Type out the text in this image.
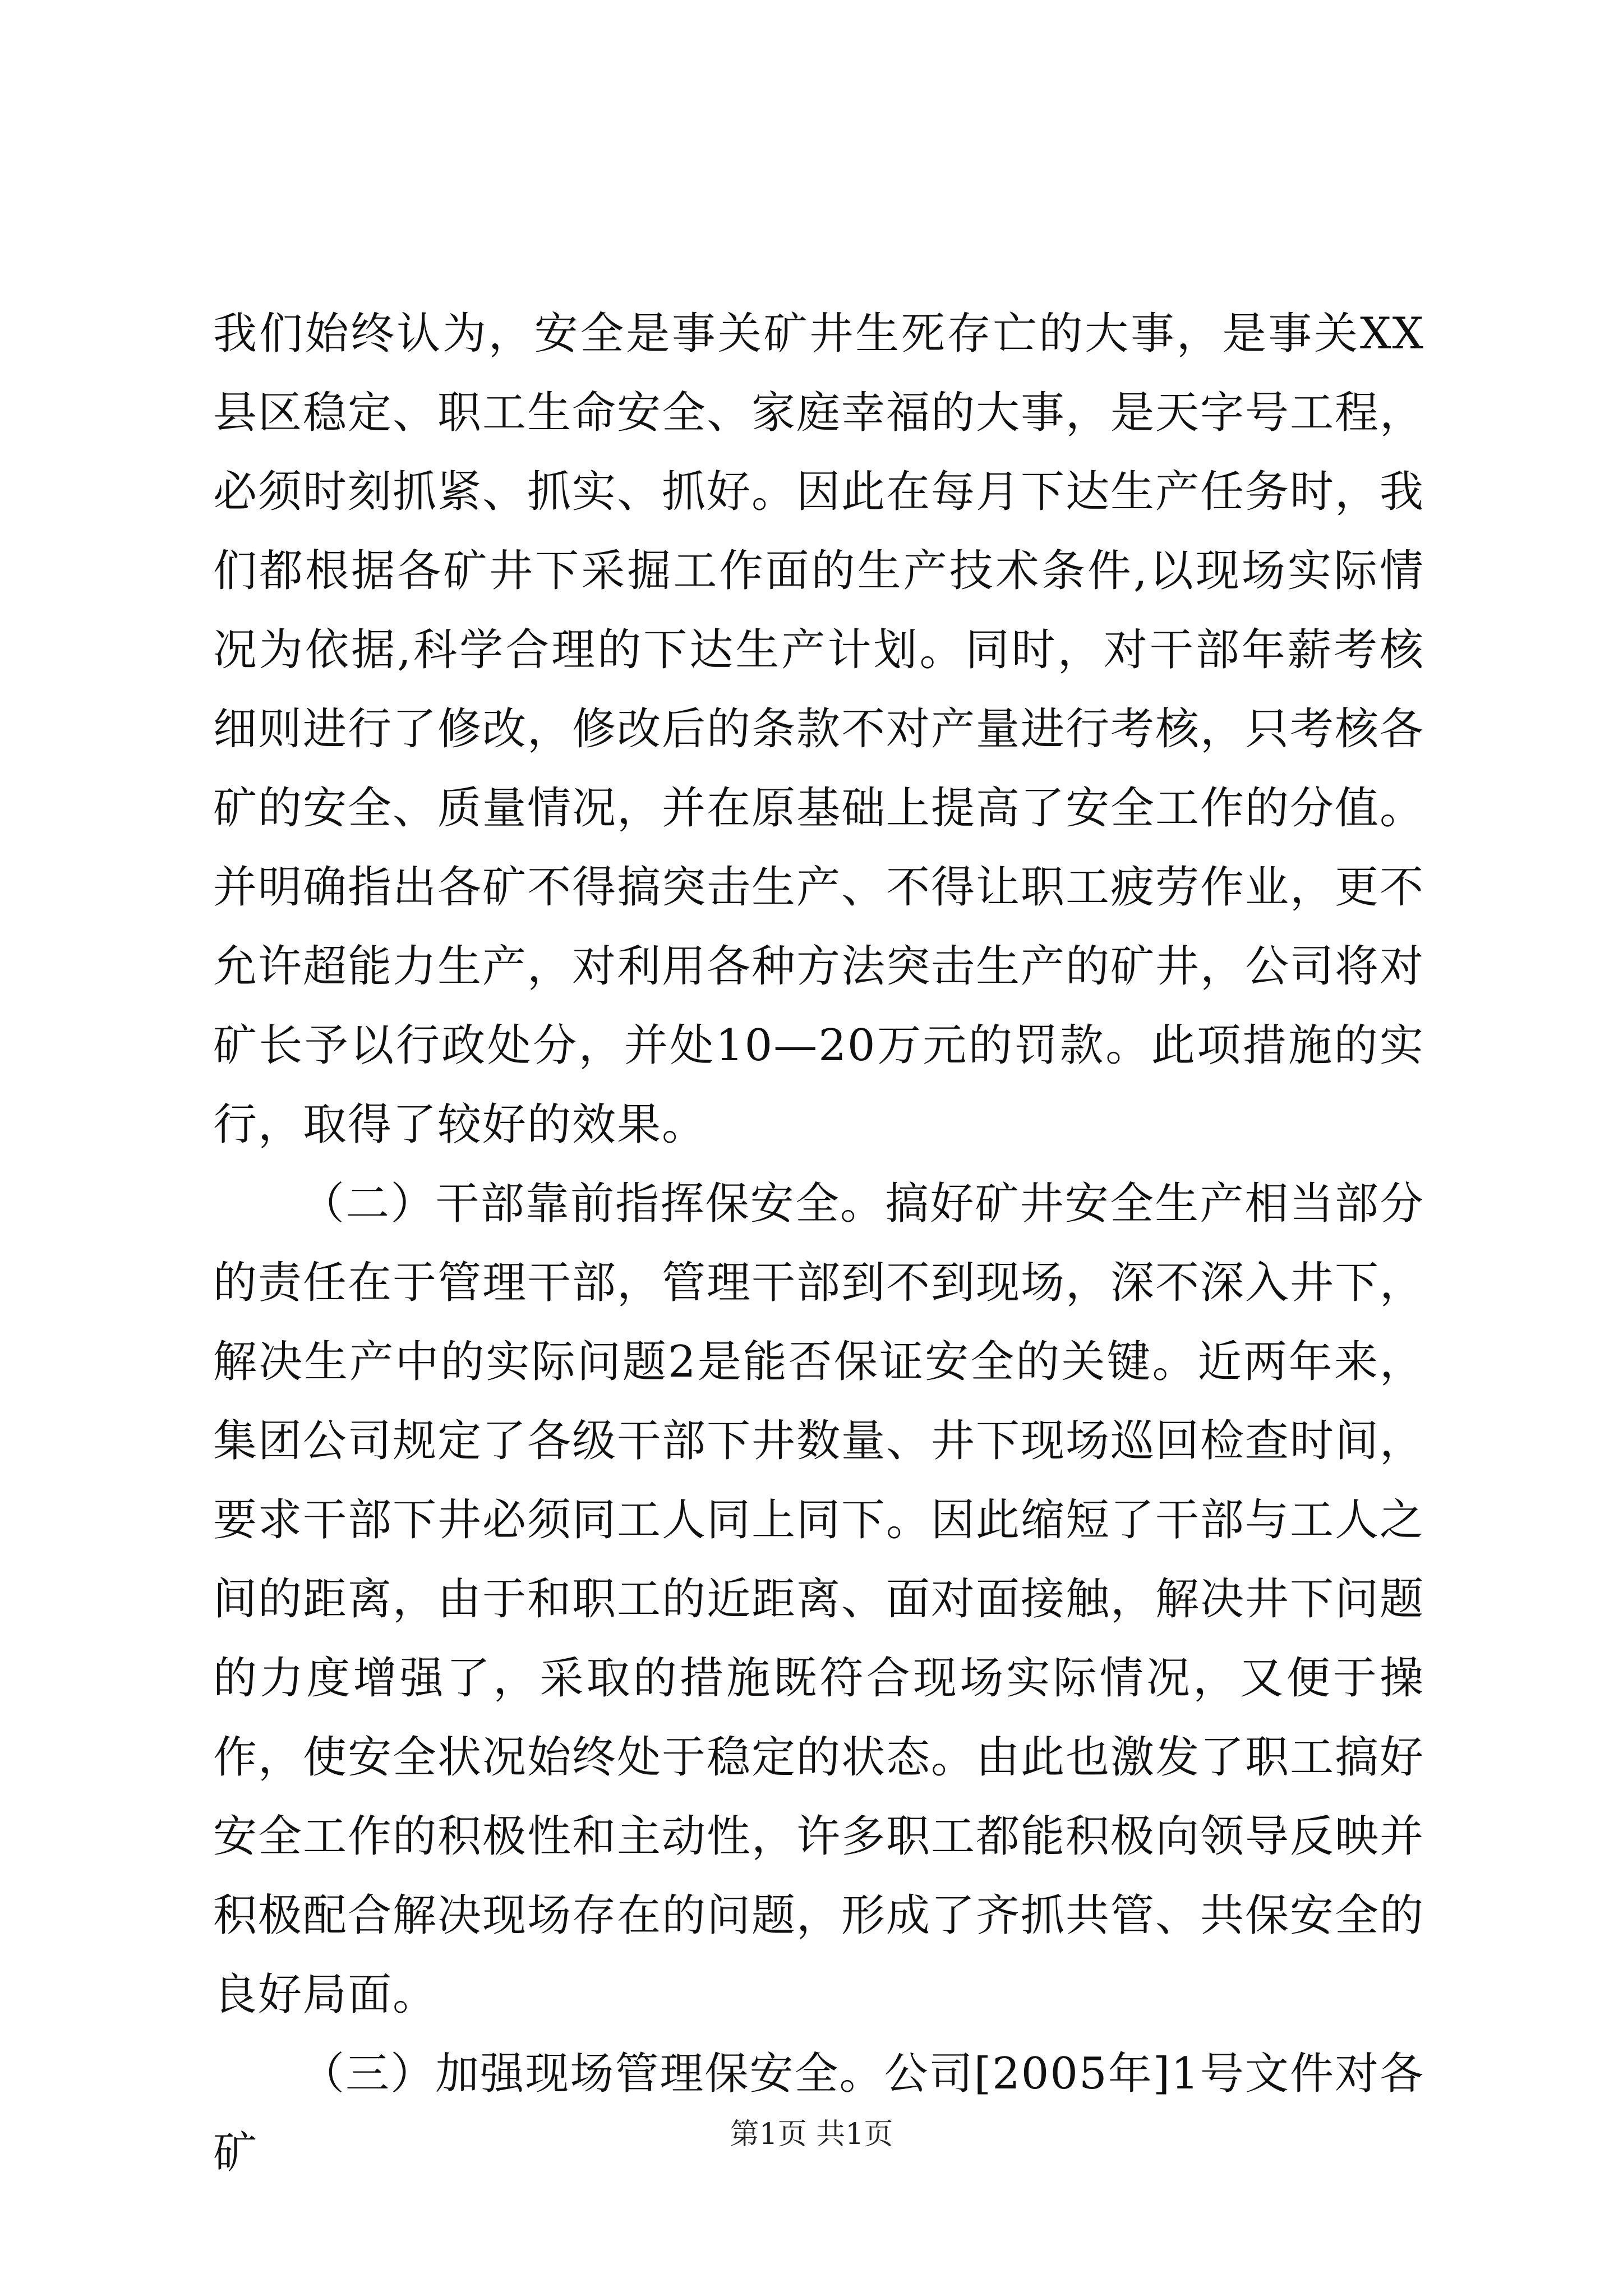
我们始终认为，安全是事关矿井生死存亡的大事，是事关XX县区稳定、职工生命安全、家庭幸福的大事，是天字号工程，必须时刻抓紧、抓实、抓好。因此在每月下达生产任务时，我们都根据各矿井下采掘工作面的生产技术条件,以现场实际情况为依据,科学合理的下达生产计划。同时，对干部年薪考核细则进行了修改，修改后的条款不对产量进行考核，只考核各矿的安全、质量情况，并在原基础上提高了安全工作的分值。并明确指出各矿不得搞突击生产、不得让职工疲劳作业，更不允许超能力生产，对利用各种方法突击生产的矿井，公司将对矿长予以行政处分，并处10—20万元的罚款。此项措施的实行，取得了较好的效果。

（二）干部靠前指挥保安全。搞好矿井安全生产相当部分的责任在于管理干部，管理干部到不到现场，深不深入井下，解决生产中的实际问题2是能否保证安全的关键。近两年来，集团公司规定了各级干部下井数量、井下现场巡回检查时间，要求干部下井必须同工人同上同下。因此缩短了干部与工人之间的距离，由于和职工的近距离、面对面接触，解决井下问题的力度增强了，采取的措施既符合现场实际情况，又便于操作，使安全状况始终处于稳定的状态。由此也激发了职工搞好安全工作的积极性和主动性，许多职工都能积极向领导反映并积极配合解决现场存在的问题，形成了齐抓共管、共保安全的良好局面。

（三）加强现场管理保安全。公司[2005年]1号文件对各矿	第1页 共1页
